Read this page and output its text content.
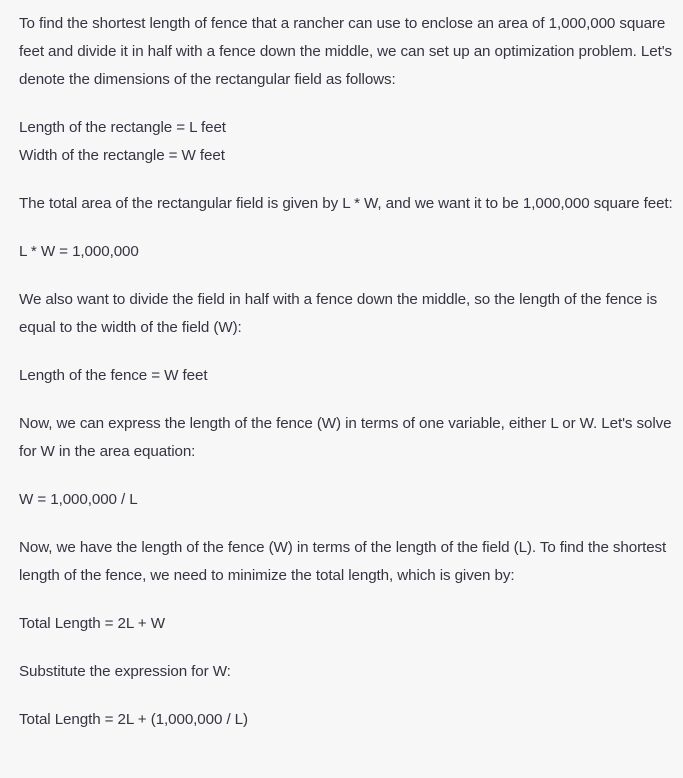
To find the shortest length of fence that a rancher can use to enclose an area of 1,000,000 square feet and divide it in half with a fence down the middle, we can set up an optimization problem. Let's denote the dimensions of the rectangular field as follows:

Length of the rectangle = L feet

Width of the rectangle = W feet

The total area of the rectangular field is given by L * W, and we want it to be 1,000,000 square feet:

L * W = 1,000,000

We also want to divide the field in half with a fence down the middle, so the length of the fence is equal to the width of the field (W):

Length of the fence = W feet

Now, we can express the length of the fence (W) in terms of one variable, either L or W. Let's solve for W in the area equation:

W = 1,000,000 / L

Now, we have the length of the fence (W) in terms of the length of the field (L). To find the shortest length of the fence, we need to minimize the total length, which is given by:

Total Length = 2L + W

Substitute the expression for W:

Total Length = 2L + (1,000,000 / L)
